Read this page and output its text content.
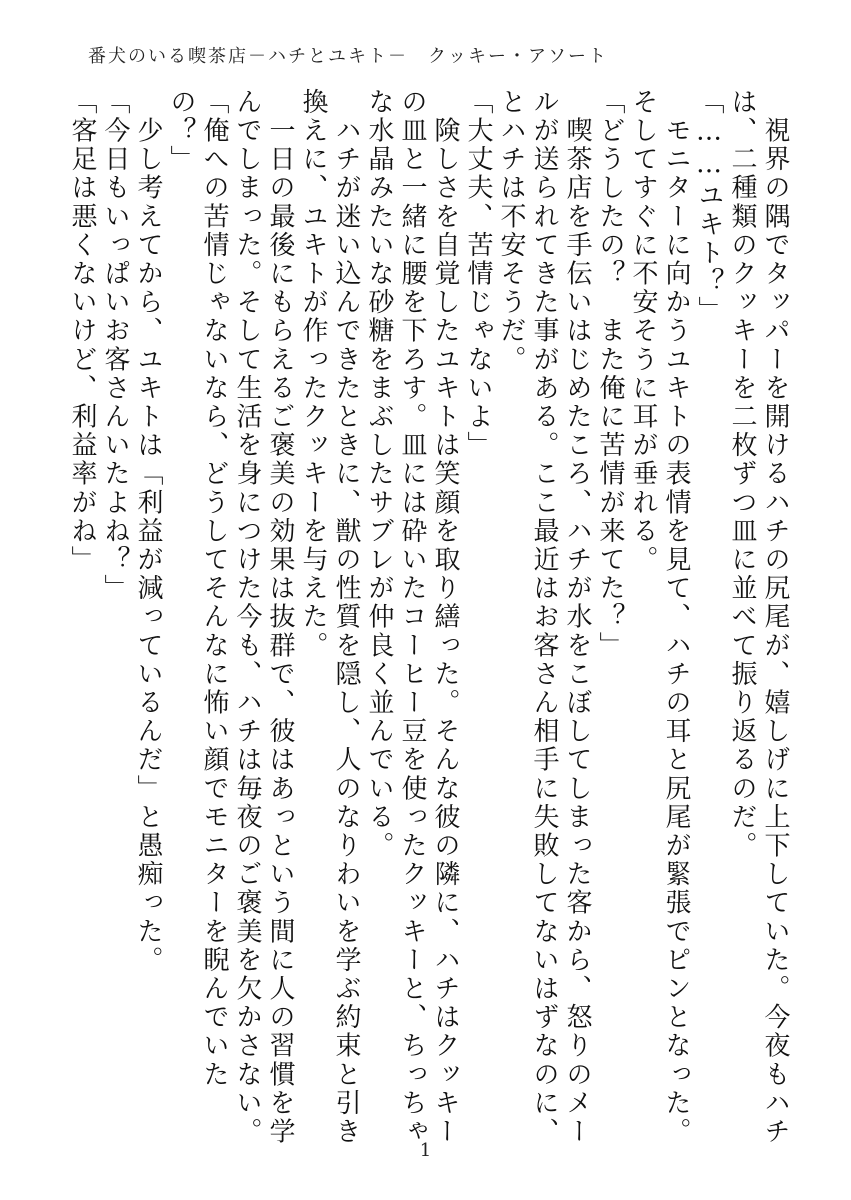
番犬のいる喫茶店－ハチとユキト－　クッキー・アソート

　視界の隅でタッパーを開けるハチの尻尾が、嬉しげに上下していた。今夜もハチは、二種類のクッキーを二枚ずつ皿に並べて振り返るのだ。

「……ユキト？」

　モニターに向かうユキトの表情を見て、ハチの耳と尻尾が緊張でピンとなった。そしてすぐに不安そうに耳が垂れる。

「どうしたの？　また俺に苦情が来てた？」

　喫茶店を手伝いはじめたころ、ハチが水をこぼしてしまった客から、怒りのメールが送られてきた事がある。ここ最近はお客さん相手に失敗してないはずなのに、とハチは不安そうだ。

「大丈夫、苦情じゃないよ」

　険しさを自覚したユキトは笑顔を取り繕った。そんな彼の隣に、ハチはクッキーの皿と一緒に腰を下ろす。皿には砕いたコーヒー豆を使ったクッキーと、ちっちゃな水晶みたいな砂糖をまぶしたサブレが仲良く並んでいる。

　ハチが迷い込んできたときに、獣の性質を隠し、人のなりわいを学ぶ約束と引き換えに、ユキトが作ったクッキーを与えた。

　一日の最後にもらえるご褒美の効果は抜群で、彼はあっという間に人の習慣を学んでしまった。そして生活を身につけた今も、ハチは毎夜のご褒美を欠かさない。

「俺への苦情じゃないなら、どうしてそんなに怖い顔でモニターを睨んでいたの？」

　少し考えてから、ユキトは「利益が減っているんだ」と愚痴った。

「今日もいっぱいお客さんいたよね？」

「客足は悪くないけど、利益率がね」

1
